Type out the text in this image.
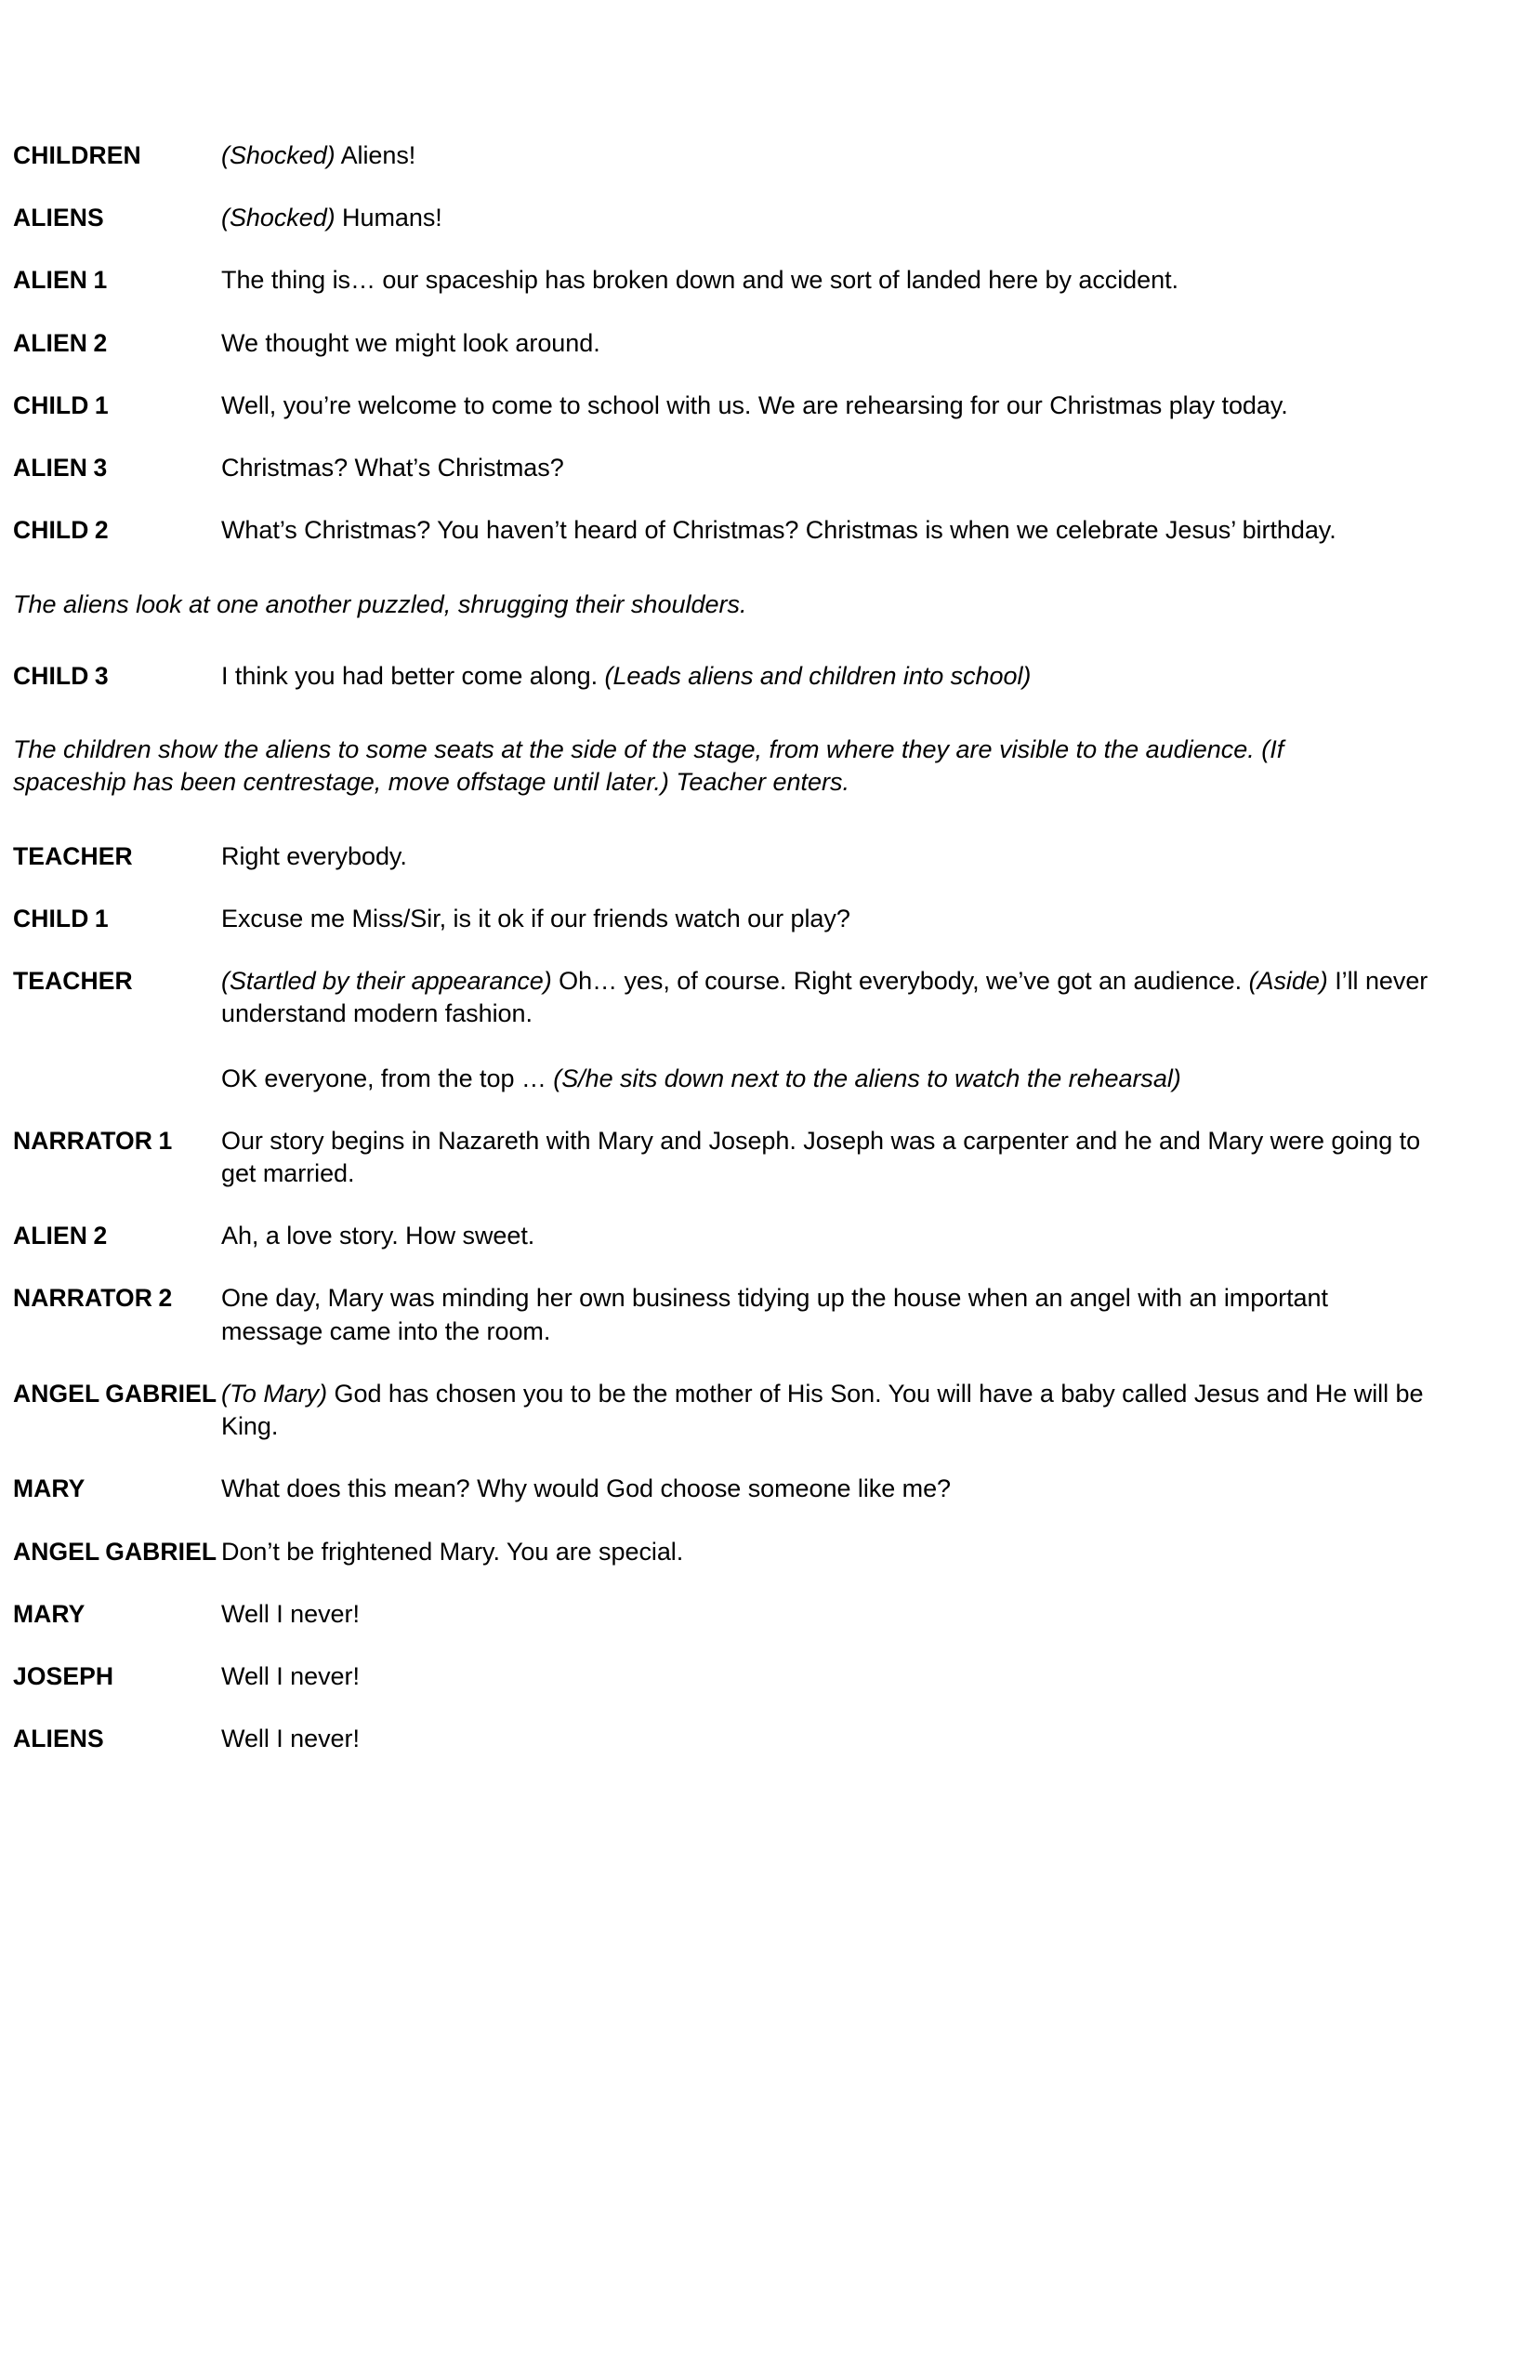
CHILDREN	(Shocked) Aliens!
ALIENS	(Shocked) Humans!
ALIEN 1	The thing is… our spaceship has broken down and we sort of landed here by accident.
ALIEN 2	We thought we might look around.
CHILD 1	Well, you’re welcome to come to school with us. We are rehearsing for our Christmas play today.
ALIEN 3	Christmas? What’s Christmas?
CHILD 2	What’s Christmas? You haven’t heard of Christmas? Christmas is when we celebrate Jesus’ birthday.
The aliens look at one another puzzled, shrugging their shoulders.
CHILD 3	I think you had better come along. (Leads aliens and children into school)
The children show the aliens to some seats at the side of the stage, from where they are visible to the audience. (If spaceship has been centrestage, move offstage until later.) Teacher enters.
TEACHER	Right everybody.
CHILD 1	Excuse me Miss/Sir, is it ok if our friends watch our play?
TEACHER	(Startled by their appearance) Oh… yes, of course. Right everybody, we’ve got an audience. (Aside) I’ll never understand modern fashion.
OK everyone, from the top … (S/he sits down next to the aliens to watch the rehearsal)
NARRATOR 1	Our story begins in Nazareth with Mary and Joseph. Joseph was a carpenter and he and Mary were going to get married.
ALIEN 2	Ah, a love story. How sweet.
NARRATOR 2	One day, Mary was minding her own business tidying up the house when an angel with an important message came into the room.
ANGEL GABRIEL (To Mary) God has chosen you to be the mother of His Son. You will have a baby called Jesus and He will be King.
MARY	What does this mean? Why would God choose someone like me?
ANGEL GABRIEL Don’t be frightened Mary. You are special.
MARY	Well I never!
JOSEPH	Well I never!
ALIENS	Well I never!
